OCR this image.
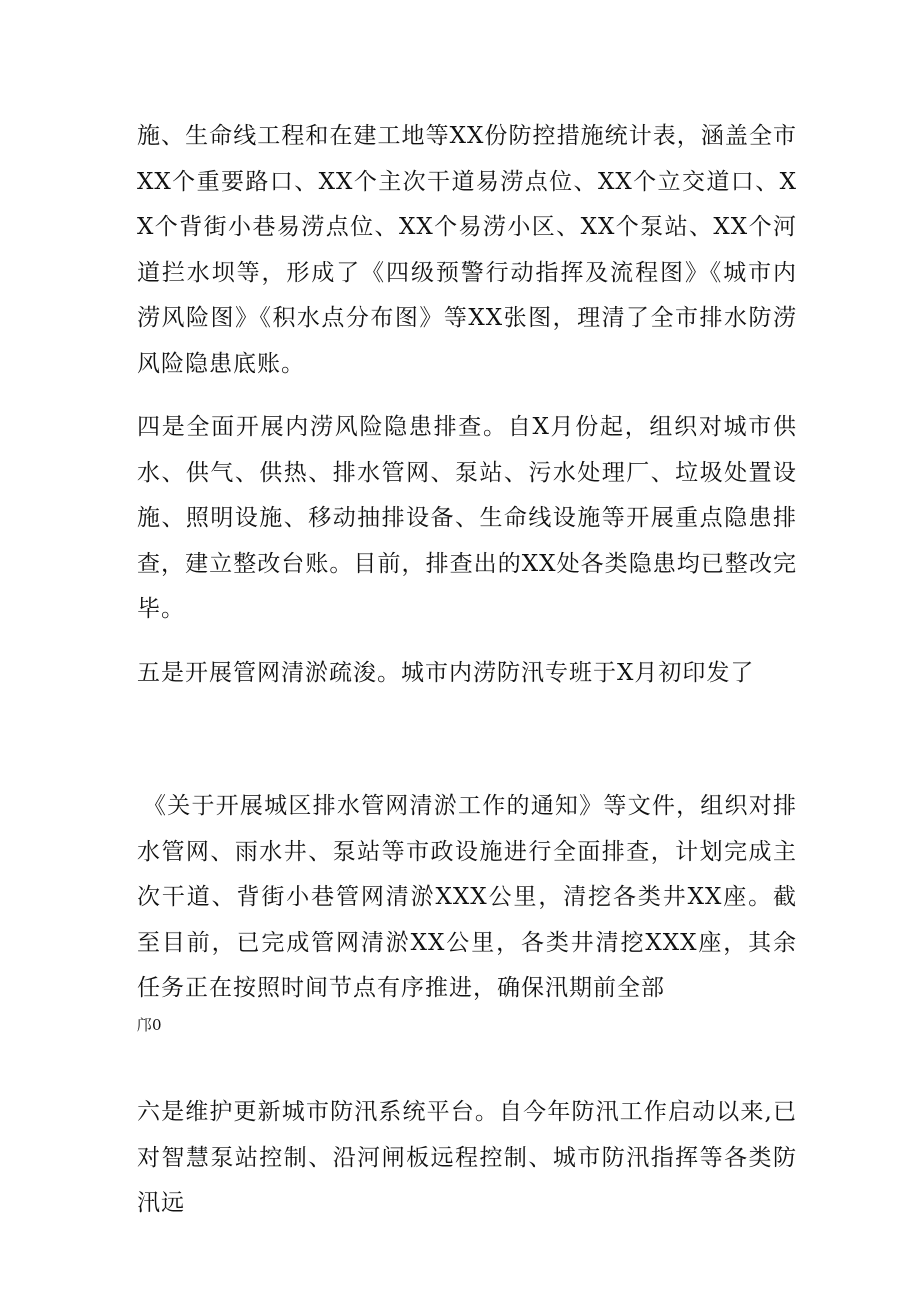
施、生命线工程和在建工地等XX份防控措施统计表，涵盖全市XX个重要路口、XX个主次干道易涝点位、XX个立交道口、XX个背街小巷易涝点位、XX个易涝小区、XX个泵站、XX个河道拦水坝等，形成了《四级预警行动指挥及流程图》《城市内涝风险图》《积水点分布图》等XX张图，理清了全市排水防涝风险隐患底账。

四是全面开展内涝风险隐患排查。自X月份起，组织对城市供水、供气、供热、排水管网、泵站、污水处理厂、垃圾处置设施、照明设施、移动抽排设备、生命线设施等开展重点隐患排查，建立整改台账。目前，排查出的XX处各类隐患均已整改完毕。

五是开展管网清淤疏浚。城市内涝防汛专班于X月初印发了

《关于开展城区排水管网清淤工作的通知》等文件，组织对排水管网、雨水井、泵站等市政设施进行全面排查，计划完成主次干道、背街小巷管网清淤XXX公里，清挖各类井XX座。截至目前，已完成管网清淤XX公里，各类井清挖XXX座，其余任务正在按照时间节点有序推进，确保汛期前全部

邝0

六是维护更新城市防汛系统平台。自今年防汛工作启动以来,已对智慧泵站控制、沿河闸板远程控制、城市防汛指挥等各类防汛远
